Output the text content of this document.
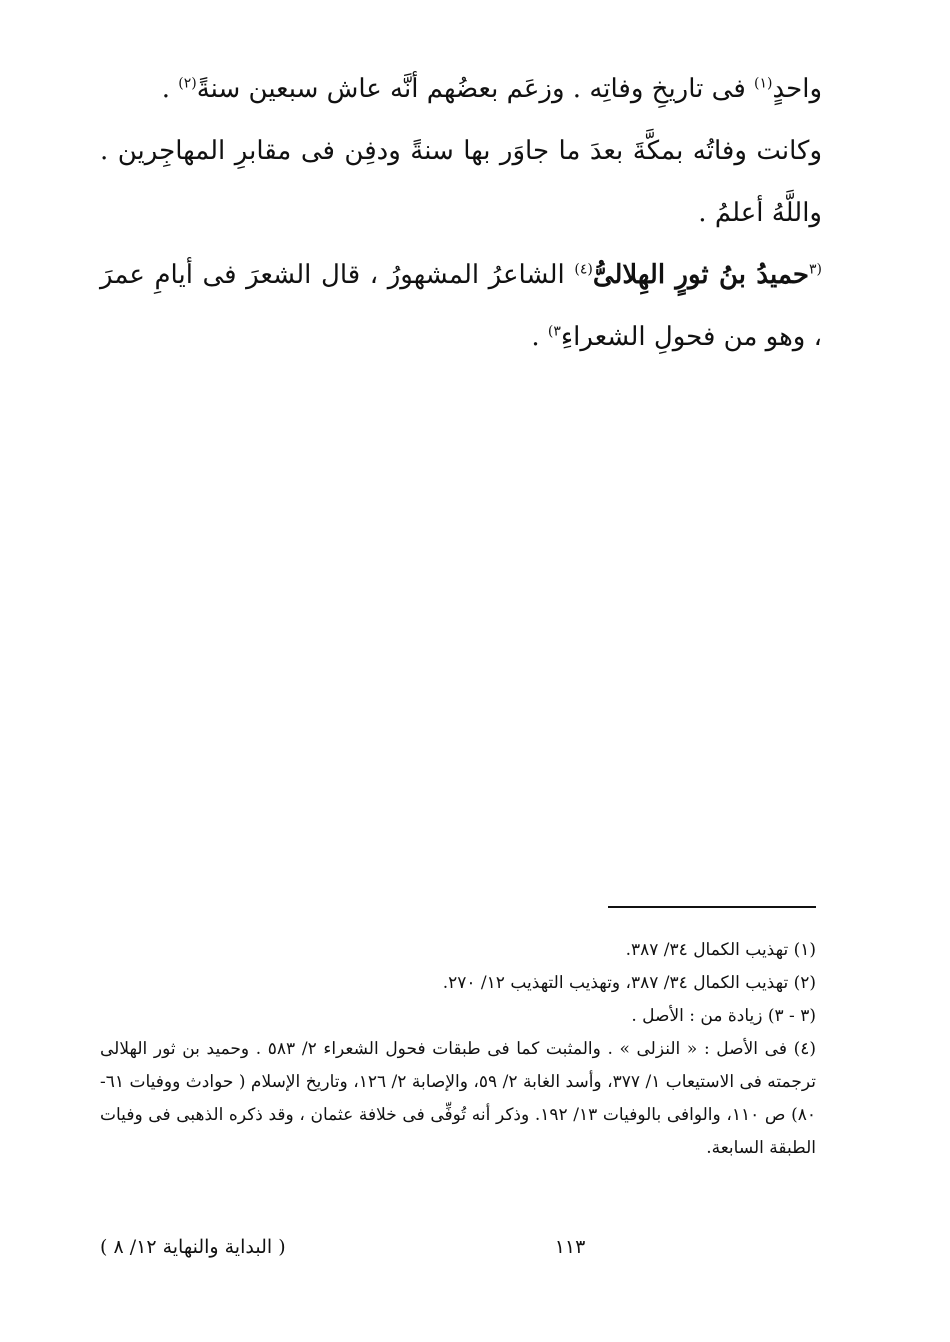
واحدٍ$^{(١)}$ فى تاريخِ وفاتِه . وزعَم بعضُهم أنَّه عاش سبعين سنةً$^{(٢)}$ .

وكانت وفاتُه بمكَّةَ بعدَ ما جاوَر بها سنةً ودفِن فى مقابرِ المهاجِرين . واللَّهُ أعلمُ .

$^{(٣}$حميدُ بنُ ثورٍ الهِلالىُّ$^{(٤)}$ الشاعرُ المشهورُ ، قال الشعرَ فى أيامِ عمرَ ، وهو من فحولِ الشعراءِ$^{٣)}$ .

(١) تهذيب الكمال ٣٤/ ٣٨٧.

(٢) تهذيب الكمال ٣٤/ ٣٨٧، وتهذيب التهذيب ١٢/ ٢٧٠.

(٣ - ٣) زيادة من : الأصل .

(٤) فى الأصل : « النزلى » . والمثبت كما فى طبقات فحول الشعراء ٢/ ٥٨٣ . وحميد بن ثور الهلالى ترجمته فى الاستيعاب ١/ ٣٧٧، وأسد الغابة ٢/ ٥٩، والإصابة ٢/ ١٢٦، وتاريخ الإسلام ( حوادث ووفيات ٦١- ٨٠) ص ١١٠، والوافى بالوفيات ١٣/ ١٩٢. وذكر أنه تُوفِّى فى خلافة عثمان ، وقد ذكره الذهبى فى وفيات الطبقة السابعة.

١١٣
( البداية والنهاية ١٢/ ٨ )
